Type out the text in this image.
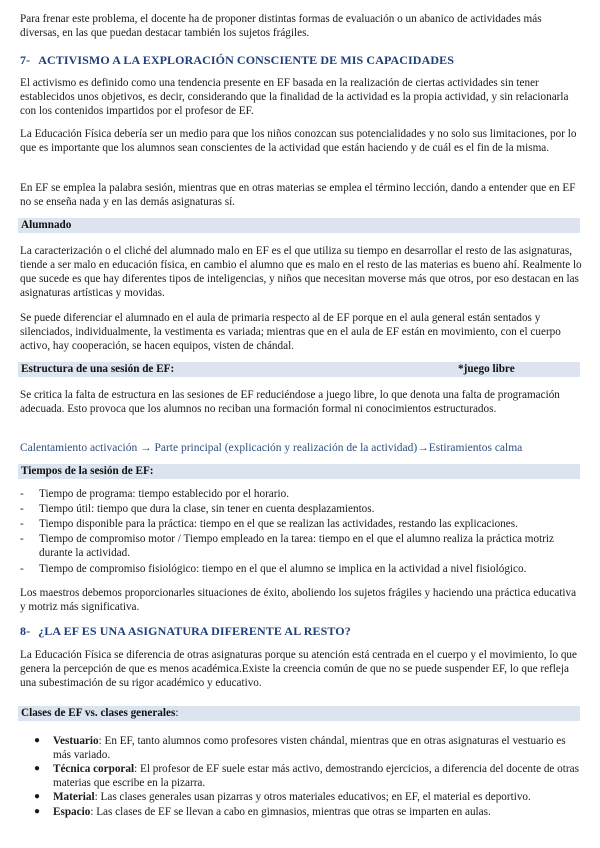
Para frenar este problema, el docente ha de proponer distintas formas de evaluación o un abanico de actividades más diversas, en las que puedan destacar también los sujetos frágiles.

7- ACTIVISMO A LA EXPLORACIÓN CONSCIENTE DE MIS CAPACIDADES

El activismo es definido como una tendencia presente en EF basada en la realización de ciertas actividades sin tener establecidos unos objetivos, es decir, considerando que la finalidad de la actividad es la propia actividad, y sin relacionarla con los contenidos impartidos por el profesor de EF.

La Educación Física debería ser un medio para que los niños conozcan sus potencialidades y no solo sus limitaciones, por lo que es importante que los alumnos sean conscientes de la actividad que están haciendo y de cuál es el fin de la misma.

En EF se emplea la palabra sesión, mientras que en otras materias se emplea el término lección, dando a entender que en EF no se enseña nada y en las demás asignaturas sí.

Alumnado

La caracterización o el cliché del alumnado malo en EF es el que utiliza su tiempo en desarrollar el resto de las asignaturas, tiende a ser malo en educación física, en cambio el alumno que es malo en el resto de las materias es bueno ahí. Realmente lo que sucede es que hay diferentes tipos de inteligencias, y niños que necesitan moverse más que otros, por eso destacan en las asignaturas artísticas y movidas.

Se puede diferenciar el alumnado en el aula de primaria respecto al de EF porque en el aula general están sentados y silenciados, individualmente, la vestimenta es variada; mientras que en el aula de EF están en movimiento, con el cuerpo activo, hay cooperación, se hacen equipos, visten de chándal.

Estructura de una sesión de EF:	*juego libre

Se critica la falta de estructura en las sesiones de EF reduciéndose a juego libre, lo que denota una falta de programación adecuada. Esto provoca que los alumnos no reciban una formación formal ni conocimientos estructurados.

Calentamiento activación → Parte principal (explicación y realización de la actividad)→Estiramientos calma
Tiempos de la sesión de EF:
- Tiempo de programa: tiempo establecido por el horario.
- Tiempo útil: tiempo que dura la clase, sin tener en cuenta desplazamientos.
- Tiempo disponible para la práctica: tiempo en el que se realizan las actividades, restando las explicaciones.
- Tiempo de compromiso motor / Tiempo empleado en la tarea: tiempo en el que el alumno realiza la práctica motriz durante la actividad.
- Tiempo de compromiso fisiológico: tiempo en el que el alumno se implica en la actividad a nivel fisiológico.

Los maestros debemos proporcionarles situaciones de éxito, aboliendo los sujetos frágiles y haciendo una práctica educativa y motriz más significativa.

8- ¿LA EF ES UNA ASIGNATURA DIFERENTE AL RESTO?

La Educación Física se diferencia de otras asignaturas porque su atención está centrada en el cuerpo y el movimiento, lo que genera la percepción de que es menos académica.Existe la creencia común de que no se puede suspender EF, lo que refleja una subestimación de su rigor académico y educativo.

Clases de EF vs. clases generales:
● Vestuario: En EF, tanto alumnos como profesores visten chándal, mientras que en otras asignaturas el vestuario es más variado.
● Técnica corporal: El profesor de EF suele estar más activo, demostrando ejercicios, a diferencia del docente de otras materias que escribe en la pizarra.
● Material: Las clases generales usan pizarras y otros materiales educativos; en EF, el material es deportivo.
● Espacio: Las clases de EF se llevan a cabo en gimnasios, mientras que otras se imparten en aulas.
